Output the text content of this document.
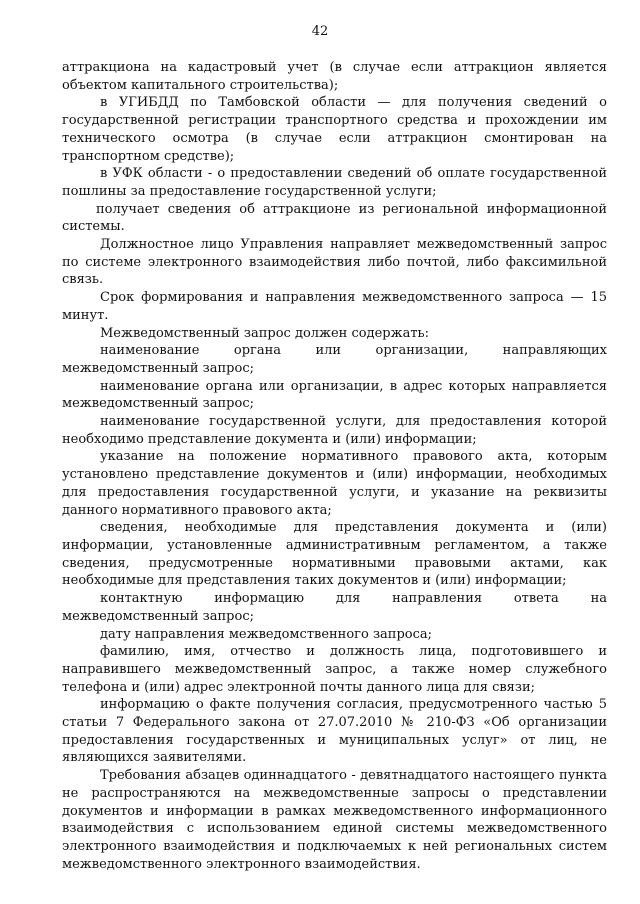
42

аттракциона на кадастровый учет (в случае если аттракцион является объектом капитального строительства);

в УГИБДД по Тамбовской области — для получения сведений о государственной регистрации транспортного средства и прохождении им технического осмотра (в случае если аттракцион смонтирован на транспортном средстве);

в УФК области - о предоставлении сведений об оплате государственной пошлины за предоставление государственной услуги;

получает сведения об аттракционе из региональной информационной системы.

Должностное лицо Управления направляет межведомственный запрос по системе электронного взаимодействия либо почтой, либо факсимильной связь.

Срок формирования и направления межведомственного запроса — 15 минут.

Межведомственный запрос должен содержать:

наименование органа или организации, направляющих межведомственный запрос;

наименование органа или организации, в адрес которых направляется межведомственный запрос;

наименование государственной услуги, для предоставления которой необходимо представление документа и (или) информации;

указание на положение нормативного правового акта, которым установлено представление документов и (или) информации, необходимых для предоставления государственной услуги, и указание на реквизиты данного нормативного правового акта;

сведения, необходимые для представления документа и (или) информации, установленные административным регламентом, а также сведения, предусмотренные нормативными правовыми актами, как необходимые для представления таких документов и (или) информации;

контактную информацию для направления ответа на межведомственный запрос;

дату направления межведомственного запроса;

фамилию, имя, отчество и должность лица, подготовившего и направившего межведомственный запрос, а также номер служебного телефона и (или) адрес электронной почты данного лица для связи;

информацию о факте получения согласия, предусмотренного частью 5 статьи 7 Федерального закона от 27.07.2010 № 210-ФЗ «Об организации предоставления государственных и муниципальных услуг» от лиц, не являющихся заявителями.

Требования абзацев одиннадцатого - девятнадцатого настоящего пункта не распространяются на межведомственные запросы о представлении документов и информации в рамках межведомственного информационного взаимодействия с использованием единой системы межведомственного электронного взаимодействия и подключаемых к ней региональных систем межведомственного электронного взаимодействия.
